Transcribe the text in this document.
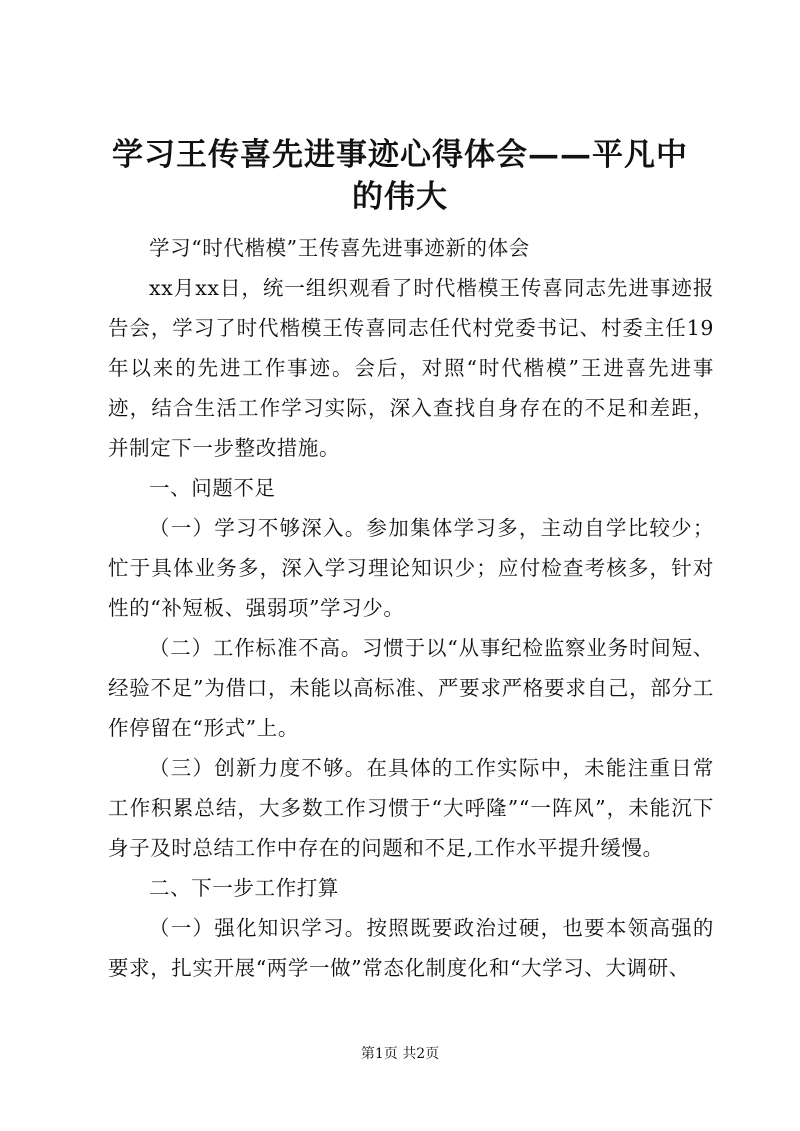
学习王传喜先进事迹心得体会——平凡中的伟大

学习“时代楷模”王传喜先进事迹新的体会

xx月xx日，统一组织观看了时代楷模王传喜同志先进事迹报告会，学习了时代楷模王传喜同志任代村党委书记、村委主任19年以来的先进工作事迹。会后，对照“时代楷模”王进喜先进事迹，结合生活工作学习实际，深入查找自身存在的不足和差距，并制定下一步整改措施。

一、问题不足

（一）学习不够深入。参加集体学习多，主动自学比较少；忙于具体业务多，深入学习理论知识少；应付检查考核多，针对性的“补短板、强弱项”学习少。

（二）工作标准不高。习惯于以“从事纪检监察业务时间短、经验不足”为借口，未能以高标准、严要求严格要求自己，部分工作停留在“形式”上。

（三）创新力度不够。在具体的工作实际中，未能注重日常工作积累总结，大多数工作习惯于“大呼隆”“一阵风”，未能沉下身子及时总结工作中存在的问题和不足,工作水平提升缓慢。

二、下一步工作打算

（一）强化知识学习。按照既要政治过硬，也要本领高强的要求，扎实开展“两学一做”常态化制度化和“大学习、大调研、

第1页 共2页
